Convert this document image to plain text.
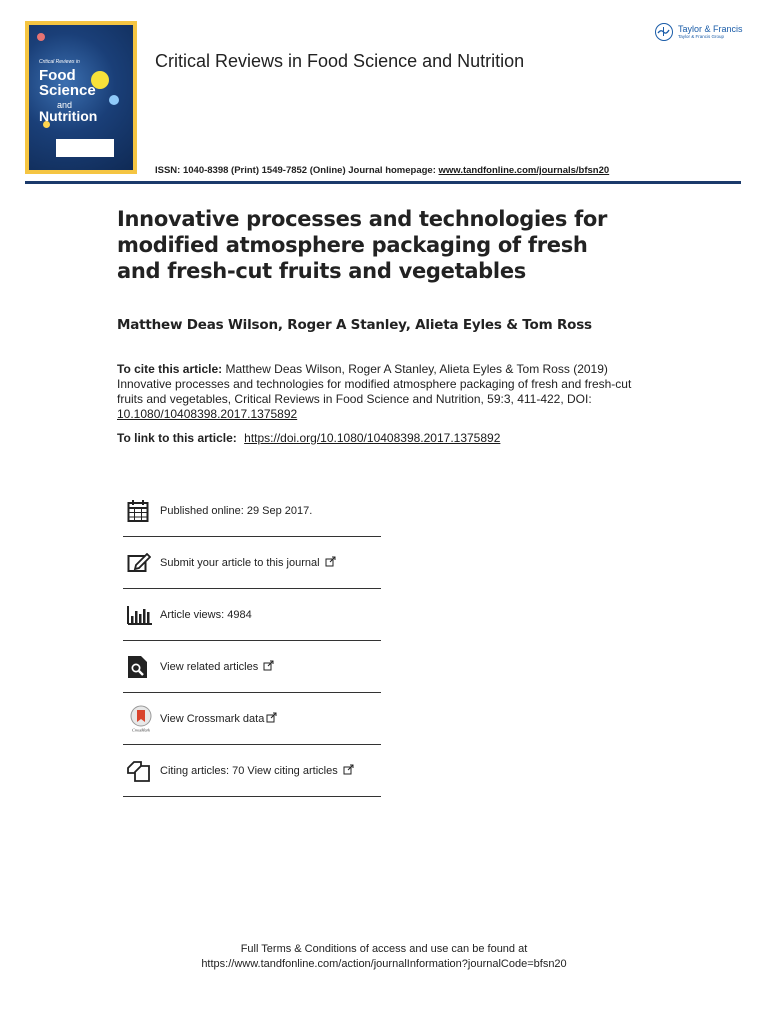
Critical Reviews in
Food
Science
and
Nutrition
Critical Reviews in Food Science and Nutrition
ISSN: 1040-8398 (Print) 1549-7852 (Online) Journal homepage: www.tandfonline.com/journals/bfsn20
Taylor & Francis
Taylor & Francis Group
Innovative processes and technologies for modified atmosphere packaging of fresh and fresh-cut fruits and vegetables
Matthew Deas Wilson, Roger A Stanley, Alieta Eyles & Tom Ross
To cite this article: Matthew Deas Wilson, Roger A Stanley, Alieta Eyles & Tom Ross (2019) Innovative processes and technologies for modified atmosphere packaging of fresh and fresh-cut fruits and vegetables, Critical Reviews in Food Science and Nutrition, 59:3, 411-422, DOI: 10.1080/10408398.2017.1375892
To link to this article: https://doi.org/10.1080/10408398.2017.1375892
Published online: 29 Sep 2017.
Submit your article to this journal
Article views: 4984
View related articles
CrossMark
View Crossmark data
Citing articles: 70 View citing articles
Full Terms & Conditions of access and use can be found at
https://www.tandfonline.com/action/journalInformation?journalCode=bfsn20
